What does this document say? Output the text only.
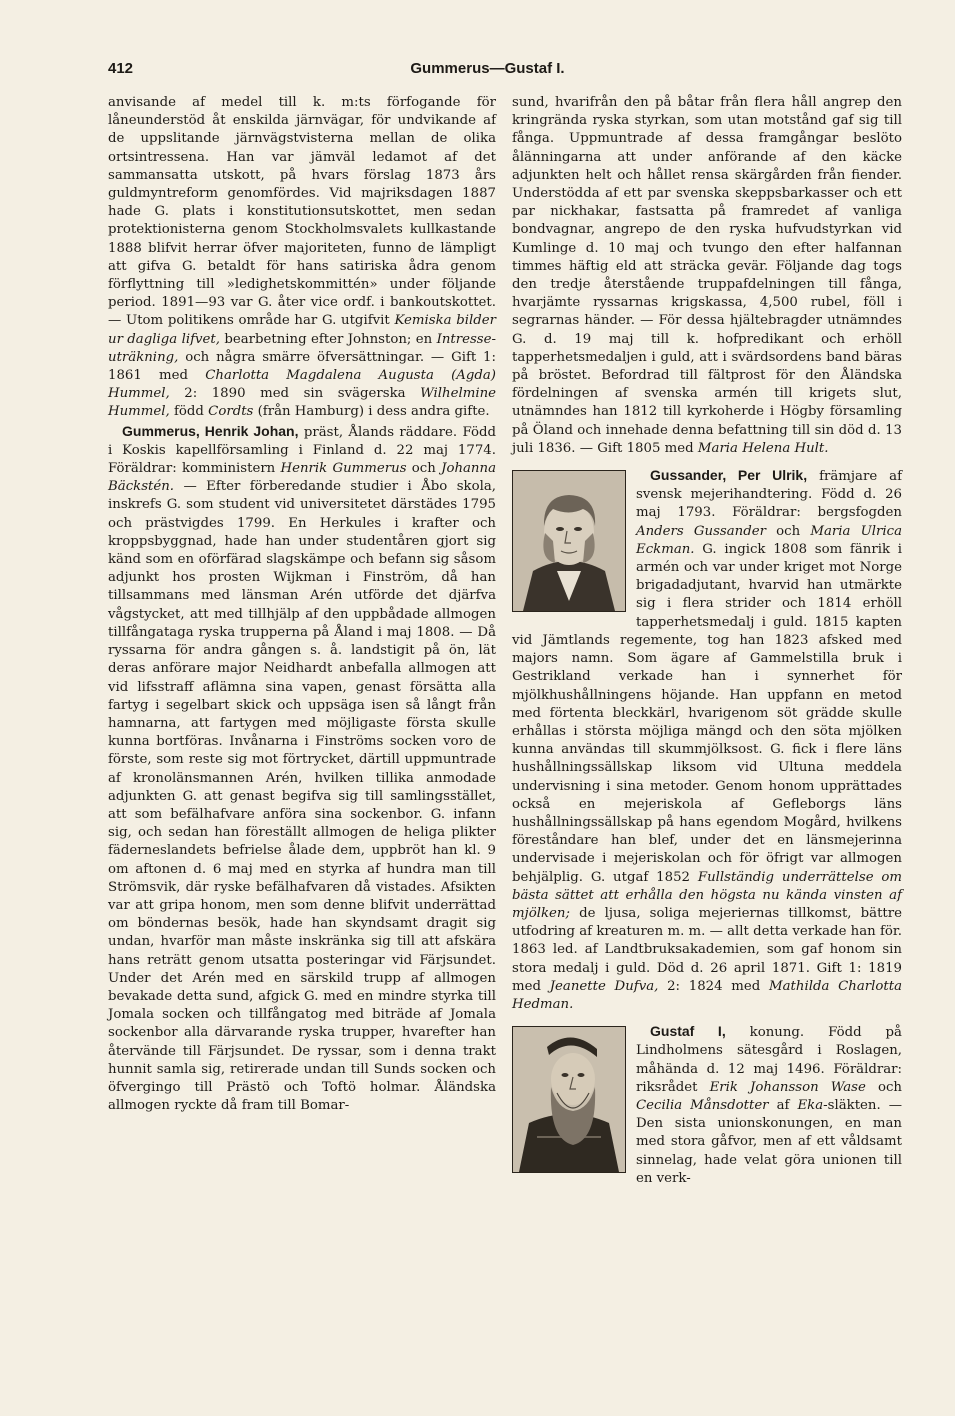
412	Gummerus—Gustaf I.

anvisande af medel till k. m:ts förfogande för låneunderstöd åt enskilda järnvägar, för undvikande af de uppslitande järnvägstvisterna mellan de olika ortsintressena. Han var jämväl ledamot af det sammansatta utskott, på hvars förslag 1873 års guldmyntreform genomfördes. Vid majriksdagen 1887 hade G. plats i konstitutionsutskottet, men sedan protektionisterna genom Stockholmsvalets kullkastande 1888 blifvit herrar öfver majoriteten, funno de lämpligt att gifva G. betaldt för hans satiriska ådra genom förflyttning till »ledighetskommittén» under följande period. 1891—93 var G. åter vice ordf. i bankoutskottet. — Utom politikens område har G. utgifvit Kemiska bilder ur dagliga lifvet, bearbetning efter Johnston; en Intresse-uträkning, och några smärre öfversättningar. — Gift 1: 1861 med Charlotta Magdalena Augusta (Agda) Hummel, 2: 1890 med sin svägerska Wilhelmine Hummel, född Cordts (från Hamburg) i dess andra gifte.

Gummerus, Henrik Johan, präst, Ålands räddare. Född i Koskis kapellförsamling i Finland d. 22 maj 1774. Föräldrar: komministern Henrik Gummerus och Johanna Bäckstén. — Efter förberedande studier i Åbo skola, inskrefs G. som student vid universitetet därstädes 1795 och prästvigdes 1799. En Herkules i krafter och kroppsbyggnad, hade han under studentåren gjort sig känd som en oförfärad slagskämpe och befann sig såsom adjunkt hos prosten Wijkman i Finström, då han tillsammans med länsman Arén utförde det djärfva vågstycket, att med tillhjälp af den uppbådade allmogen tillfångataga ryska trupperna på Åland i maj 1808. — Då ryssarna för andra gången s. å. landstigit på ön, lät deras anförare major Neidhardt anbefalla allmogen att vid lifsstraff aflämna sina vapen, genast försätta alla fartyg i segelbart skick och uppsäga isen så långt från hamnarna, att fartygen med möjligaste första skulle kunna bortföras. Invånarna i Finströms socken voro de förste, som reste sig mot förtrycket, därtill uppmuntrade af kronolänsmannen Arén, hvilken tillika anmodade adjunkten G. att genast begifva sig till samlingsstället, att som befälhafvare anföra sina sockenbor. G. infann sig, och sedan han föreställt allmogen de heliga plikter fäderneslandets befrielse ålade dem, uppbröt han kl. 9 om aftonen d. 6 maj med en styrka af hundra man till Strömsvik, där ryske befälhafvaren då vistades. Afsikten var att gripa honom, men som denne blifvit underrättad om böndernas besök, hade han skyndsamt dragit sig undan, hvarför man måste inskränka sig till att afskära hans reträtt genom utsatta posteringar vid Färjsundet. Under det Arén med en särskild trupp af allmogen bevakade detta sund, afgick G. med en mindre styrka till Jomala socken och tillfångatog med biträde af Jomala sockenbor alla därvarande ryska trupper, hvarefter han återvände till Färjsundet. De ryssar, som i denna trakt hunnit samla sig, retirerade undan till Sunds socken och öfvergingo till Prästö och Toftö holmar. Åländska allmogen ryckte då fram till Bomar-

sund, hvarifrån den på båtar från flera håll angrep den kringrända ryska styrkan, som utan motstånd gaf sig till fånga. Uppmuntrade af dessa framgångar beslöto ålänningarna att under anförande af den käcke adjunkten helt och hållet rensa skärgården från fiender. Understödda af ett par svenska skeppsbarkasser och ett par nickhakar, fastsatta på framredet af vanliga bondvagnar, angrepo de den ryska hufvudstyrkan vid Kumlinge d. 10 maj och tvungo den efter halfannan timmes häftig eld att sträcka gevär. Följande dag togs den tredje återstående truppafdelningen till fånga, hvarjämte ryssarnas krigskassa, 4,500 rubel, föll i segrarnas händer. — För dessa hjältebragder utnämndes G. d. 19 maj till k. hofpredikant och erhöll tapperhetsmedaljen i guld, att i svärdsordens band bäras på bröstet. Befordrad till fältprost för den Åländska fördelningen af svenska armén till krigets slut, utnämndes han 1812 till kyrkoherde i Högby församling på Öland och innehade denna befattning till sin död d. 13 juli 1836. — Gift 1805 med Maria Helena Hult.

Gussander, Per Ulrik, främjare af svensk mejerihandtering. Född d. 26 maj 1793. Föräldrar: bergsfogden Anders Gussander och Maria Ulrica Eckman. G. ingick 1808 som fänrik i armén och var under kriget mot Norge brigadadjutant, hvarvid han utmärkte sig i flera strider och 1814 erhöll tapperhetsmedalj i guld. 1815 kapten vid Jämtlands regemente, tog han 1823 afsked med majors namn. Som ägare af Gammelstilla bruk i Gestrikland verkade han i synnerhet för mjölkhushållningens höjande. Han uppfann en metod med förtenta bleckkärl, hvarigenom söt grädde skulle erhållas i största möjliga mängd och den söta mjölken kunna användas till skummjölksost. G. fick i flere läns hushållningssällskap liksom vid Ultuna meddela undervisning i sina metoder. Genom honom upprättades också en mejeriskola af Gefleborgs läns hushållningssällskap på hans egendom Mogård, hvilkens föreståndare han blef, under det en länsmejerinna undervisade i mejeriskolan och för öfrigt var allmogen behjälplig. G. utgaf 1852 Fullständig underrättelse om bästa sättet att erhålla den högsta nu kända vinsten af mjölken; de ljusa, soliga mejeriernas tillkomst, bättre utfodring af kreaturen m. m. — allt detta verkade han för. 1863 led. af Landtbruksakademien, som gaf honom sin stora medalj i guld. Död d. 26 april 1871. Gift 1: 1819 med Jeanette Dufva, 2: 1824 med Mathilda Charlotta Hedman.

Gustaf I, konung. Född på Lindholmens sätesgård i Roslagen, måhända d. 12 maj 1496. Föräldrar: riksrådet Erik Johansson Wase och Cecilia Månsdotter af Eka-släkten. — Den sista unionskonungen, en man med stora gåfvor, men af ett våldsamt sinnelag, hade velat göra unionen till en verk-
